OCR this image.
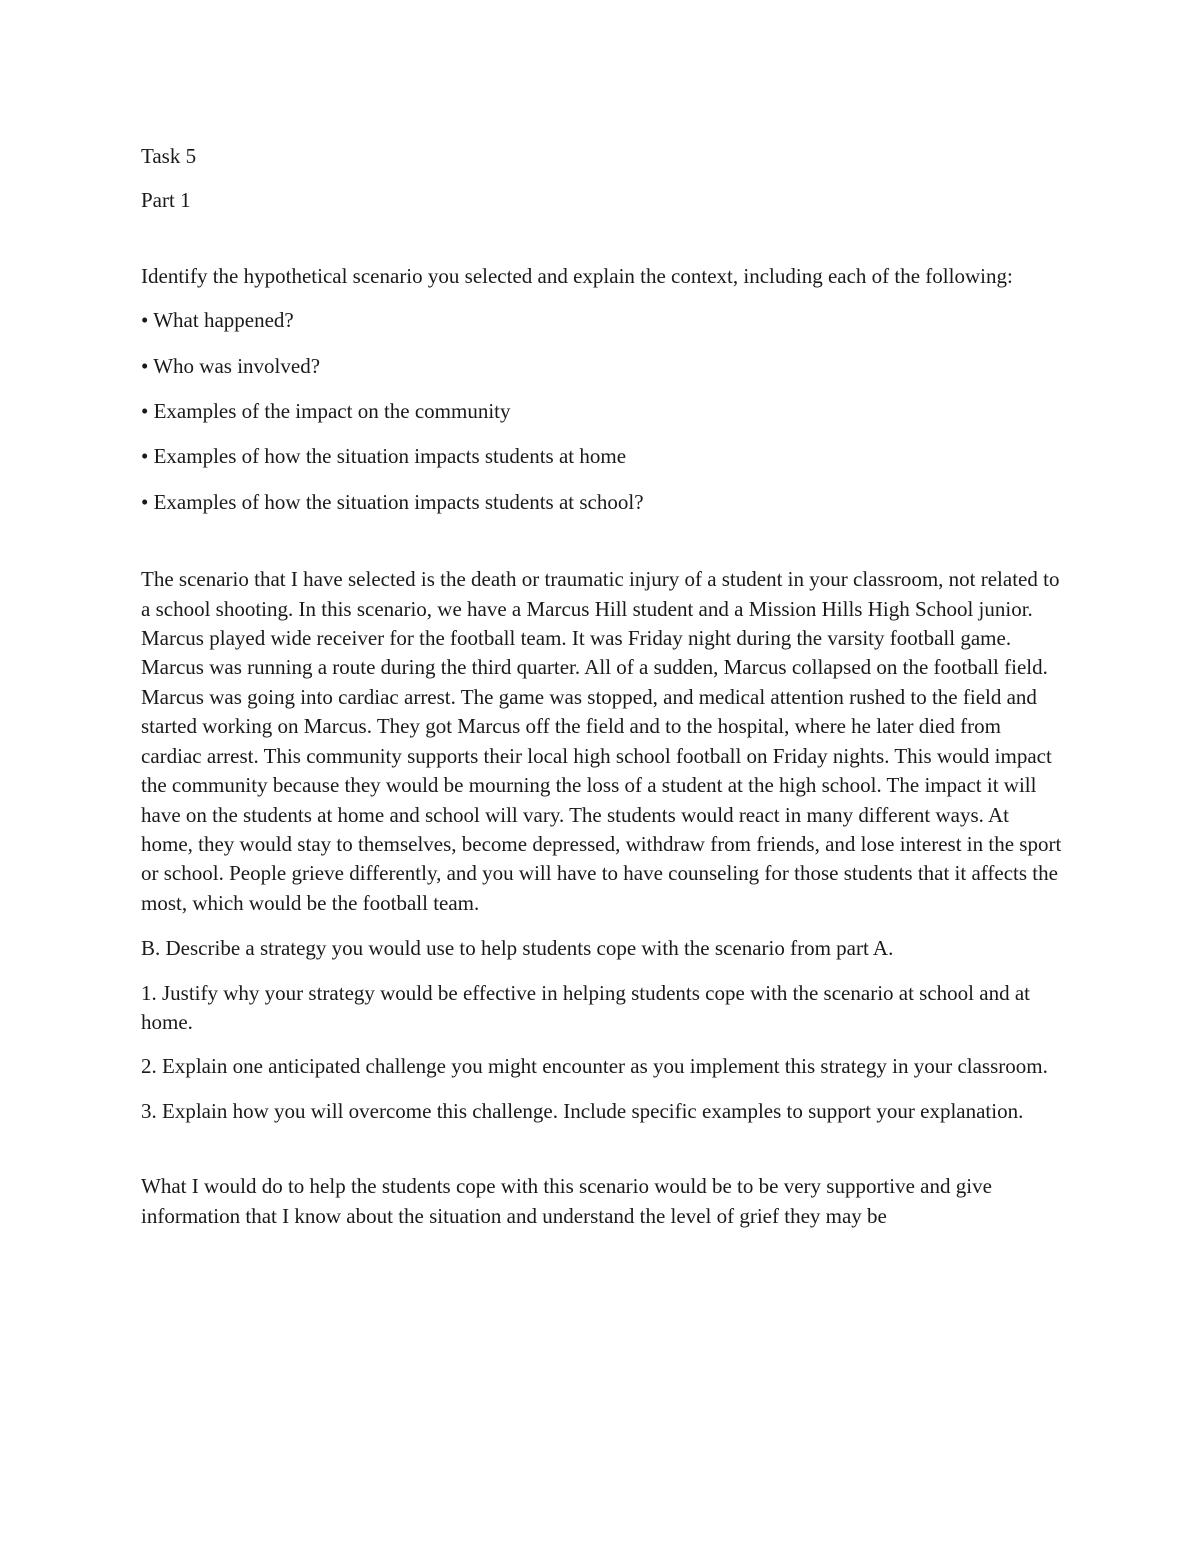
Task 5

Part 1

Identify the hypothetical scenario you selected and explain the context, including each of the following:

• What happened?

• Who was involved?

• Examples of the impact on the community

• Examples of how the situation impacts students at home

• Examples of how the situation impacts students at school?

The scenario that I have selected is the death or traumatic injury of a student in your classroom, not related to a school shooting. In this scenario, we have a Marcus Hill student and a Mission Hills High School junior. Marcus played wide receiver for the football team. It was Friday night during the varsity football game. Marcus was running a route during the third quarter. All of a sudden, Marcus collapsed on the football field. Marcus was going into cardiac arrest. The game was stopped, and medical attention rushed to the field and started working on Marcus. They got Marcus off the field and to the hospital, where he later died from cardiac arrest. This community supports their local high school football on Friday nights. This would impact the community because they would be mourning the loss of a student at the high school. The impact it will have on the students at home and school will vary. The students would react in many different ways. At home, they would stay to themselves, become depressed, withdraw from friends, and lose interest in the sport or school. People grieve differently, and you will have to have counseling for those students that it affects the most, which would be the football team.

B. Describe a strategy you would use to help students cope with the scenario from part A.

1. Justify why your strategy would be effective in helping students cope with the scenario at school and at home.

2. Explain one anticipated challenge you might encounter as you implement this strategy in your classroom.

3. Explain how you will overcome this challenge. Include specific examples to support your explanation.

What I would do to help the students cope with this scenario would be to be very supportive and give information that I know about the situation and understand the level of grief they may be
